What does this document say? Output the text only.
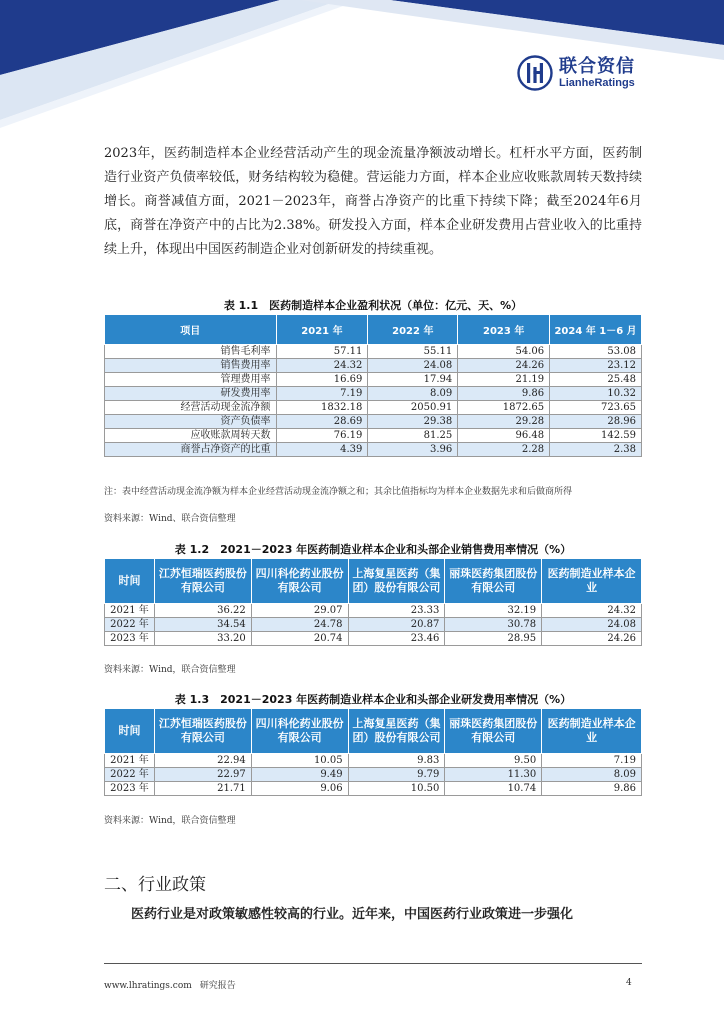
联合资信
LianheRatings

2023年，医药制造样本企业经营活动产生的现金流量净额波动增长。杠杆水平方面，医药制造行业资产负债率较低，财务结构较为稳健。营运能力方面，样本企业应收账款周转天数持续增长。商誉减值方面，2021－2023年，商誉占净资产的比重下持续下降；截至2024年6月底，商誉在净资产中的占比为2.38%。研发投入方面，样本企业研发费用占营业收入的比重持续上升，体现出中国医药制造企业对创新研发的持续重视。

表 1.1　医药制造样本企业盈利状况（单位：亿元、天、%）
项目	2021 年	2022 年	2023 年	2024 年 1－6 月
销售毛利率	57.11	55.11	54.06	53.08
销售费用率	24.32	24.08	24.26	23.12
管理费用率	16.69	17.94	21.19	25.48
研发费用率	7.19	8.09	9.86	10.32
经营活动现金流净额	1832.18	2050.91	1872.65	723.65
资产负债率	28.69	29.38	29.28	28.96
应收账款周转天数	76.19	81.25	96.48	142.59
商誉占净资产的比重	4.39	3.96	2.28	2.38
注：表中经营活动现金流净额为样本企业经营活动现金流净额之和；其余比值指标均为样本企业数据先求和后做商所得
资料来源：Wind、联合资信整理
表 1.2　2021－2023 年医药制造业样本企业和头部企业销售费用率情况（%）
时间	江苏恒瑞医药股份有限公司	四川科伦药业股份有限公司	上海复星医药（集团）股份有限公司	丽珠医药集团股份有限公司	医药制造业样本企业
2021 年	36.22	29.07	23.33	32.19	24.32
2022 年	34.54	24.78	20.87	30.78	24.08
2023 年	33.20	20.74	23.46	28.95	24.26
资料来源：Wind，联合资信整理
表 1.3　2021－2023 年医药制造业样本企业和头部企业研发费用率情况（%）
时间	江苏恒瑞医药股份有限公司	四川科伦药业股份有限公司	上海复星医药（集团）股份有限公司	丽珠医药集团股份有限公司	医药制造业样本企业
2021 年	22.94	10.05	9.83	9.50	7.19
2022 年	22.97	9.49	9.79	11.30	8.09
2023 年	21.71	9.06	10.50	10.74	9.86
资料来源：Wind，联合资信整理
二、行业政策

医药行业是对政策敏感性较高的行业。近年来，中国医药行业政策进一步强化

www.lhratings.com 研究报告	4
